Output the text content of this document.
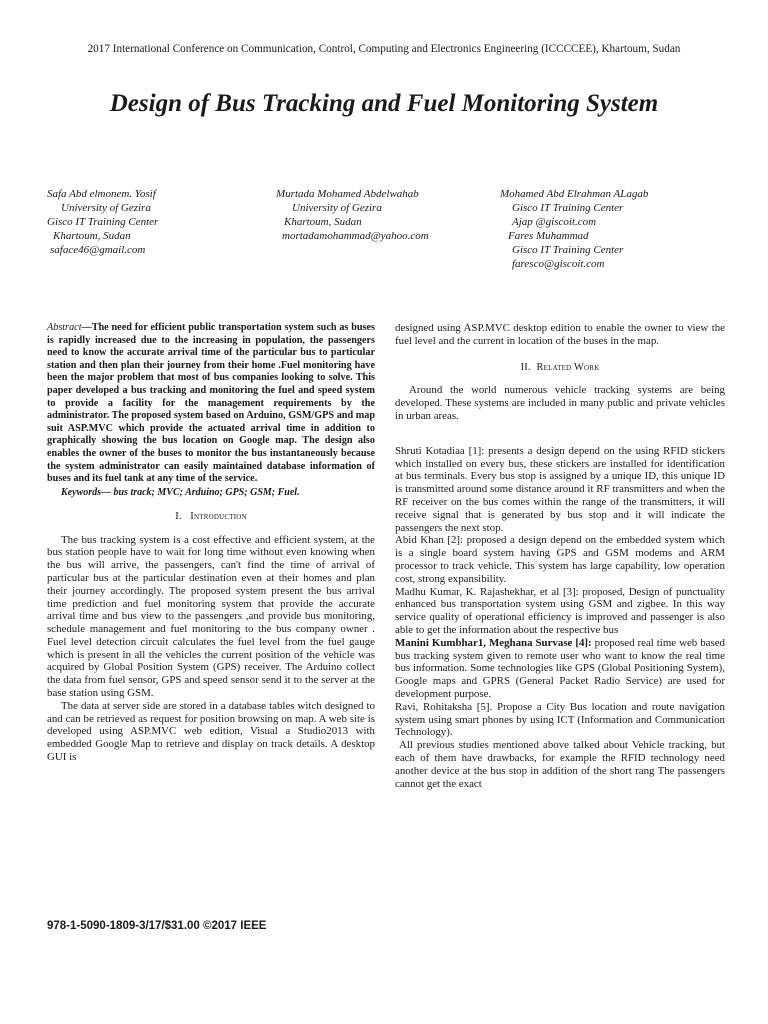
2017 International Conference on Communication, Control, Computing and Electronics Engineering (ICCCCEE), Khartoum, Sudan
Design of Bus Tracking and Fuel Monitoring System
Safa Abd elmonem. Yosif
University of Gezira
Gisco IT Training Center
Khartoum, Sudan
saface46@gmail.com
Murtada Mohamed Abdelwahab
University of Gezira
Khartoum, Sudan
mortadamohammad@yahoo.com
Mohamed Abd Elrahman ALagab
Gisco IT Training Center
Ajap @giscoit.com
Fares Muhammad
Gisco IT Training Center
faresco@giscoit.com

Abstract—The need for efficient public transportation system such as buses is rapidly increased due to the increasing in population, the passengers need to know the accurate arrival time of the particular bus to particular station and then plan their journey from their home .Fuel monitoring have been the major problem that most of bus companies looking to solve. This paper developed a bus tracking and monitoring the fuel and speed system to provide a facility for the management requirements by the administrator. The proposed system based on Arduino, GSM/GPS and map suit ASP.MVC which provide the actuated arrival time in addition to graphically showing the bus location on Google map. The design also enables the owner of the buses to monitor the bus instantaneously because the system administrator can easily maintained database information of buses and its fuel tank at any time of the service.

Keywords— bus track; MVC; Arduino; GPS; GSM; Fuel.

I. Introduction

The bus tracking system is a cost effective and efficient system, at the bus station people have to wait for long time without even knowing when the bus will arrive, the passengers, can't find the time of arrival of particular bus at the particular destination even at their homes and plan their journey accordingly. The proposed system present the bus arrival time prediction and fuel monitoring system that provide the accurate arrival time and bus view to the passengers ,and provide bus monitoring, schedule management and fuel monitoring to the bus company owner . Fuel level detection circuit calculates the fuel level from the fuel gauge which is present in all the vehicles the current position of the vehicle was acquired by Global Position System (GPS) receiver. The Arduino collect the data from fuel sensor, GPS and speed sensor send it to the server at the base station using GSM.

The data at server side are stored in a database tables witch designed to and can be retrieved as request for position browsing on map. A web site is developed using ASP.MVC web edition, Visual a Studio2013 with embedded Google Map to retrieve and display on track details. A desktop GUI is

designed using ASP.MVC desktop edition to enable the owner to view the fuel level and the current in location of the buses in the map.

II. Related Work

Around the world numerous vehicle tracking systems are being developed. These systems are included in many public and private vehicles in urban areas.

Shruti Kotadiaa [1]: presents a design depend on the using RFID stickers which installed on every bus, these stickers are installed for identification at bus terminals. Every bus stop is assigned by a unique ID, this unique ID is transmitted around some distance around it RF transmitters and when the RF receiver on the bus comes within the range of the transmitters, it will receive signal that is generated by bus stop and it will indicate the passengers the next stop.

Abid Khan [2]: proposed a design depend on the embedded system which is a single board system having GPS and GSM modems and ARM processor to track vehicle. This system has large capability, low operation cost, strong expansibility.

Madhu Kumar, K. Rajashekhar, et al [3]: proposed, Design of punctuality enhanced bus transportation system using GSM and zigbee. In this way service quality of operational efficiency is improved and passenger is also able to get the information about the respective bus

Manini Kumbhar1, Meghana Survase [4]: proposed real time web based bus tracking system given to remote user who want to know the real time bus information. Some technologies like GPS (Global Positioning System), Google maps and GPRS (General Packet Radio Service) are used for development purpose.

Ravi, Rohitaksha [5]. Propose a City Bus location and route navigation system using smart phones by using ICT (Information and Communication Technology).

All previous studies mentioned above talked about Vehicle tracking, but each of them have drawbacks, for example the RFID technology need another device at the bus stop in addition of the short rang The passengers cannot get the exact

978-1-5090-1809-3/17/$31.00 ©2017 IEEE
